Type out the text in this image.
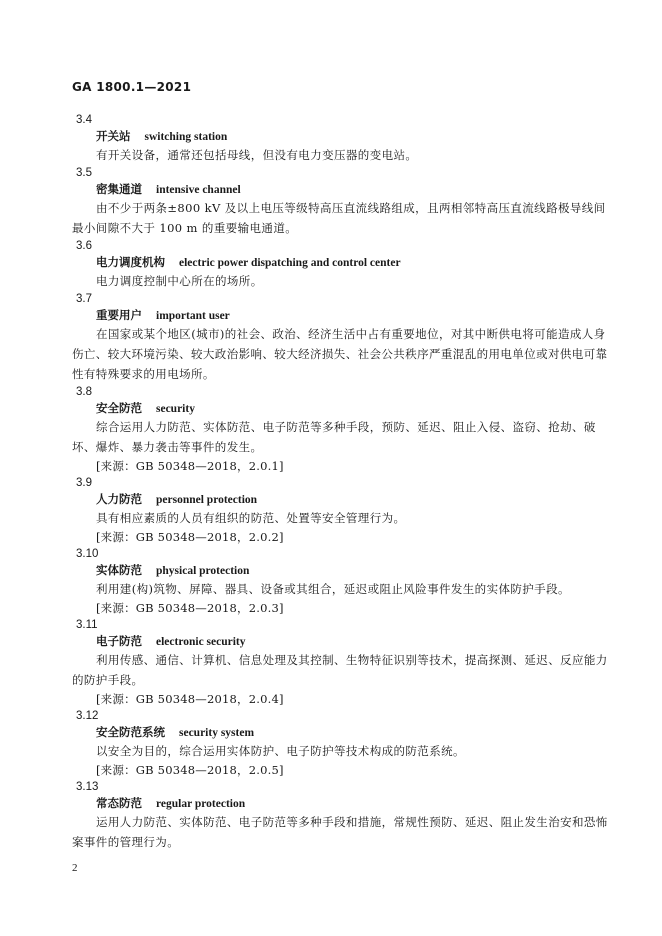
GA 1800.1—2021
3.4
开关站 switching station
有开关设备，通常还包括母线，但没有电力变压器的变电站。
3.5
密集通道 intensive channel
由不少于两条±800 kV 及以上电压等级特高压直流线路组成，且两相邻特高压直流线路极导线间最小间隙不大于 100 m 的重要输电通道。
3.6
电力调度机构 electric power dispatching and control center
电力调度控制中心所在的场所。
3.7
重要用户 important user
在国家或某个地区(城市)的社会、政治、经济生活中占有重要地位，对其中断供电将可能造成人身伤亡、较大环境污染、较大政治影响、较大经济损失、社会公共秩序严重混乱的用电单位或对供电可靠性有特殊要求的用电场所。
3.8
安全防范 security
综合运用人力防范、实体防范、电子防范等多种手段，预防、延迟、阻止入侵、盗窃、抢劫、破坏、爆炸、暴力袭击等事件的发生。
[来源：GB 50348—2018，2.0.1]
3.9
人力防范 personnel protection
具有相应素质的人员有组织的防范、处置等安全管理行为。
[来源：GB 50348—2018，2.0.2]
3.10
实体防范 physical protection
利用建(构)筑物、屏障、器具、设备或其组合，延迟或阻止风险事件发生的实体防护手段。
[来源：GB 50348—2018，2.0.3]
3.11
电子防范 electronic security
利用传感、通信、计算机、信息处理及其控制、生物特征识别等技术，提高探测、延迟、反应能力的防护手段。
[来源：GB 50348—2018，2.0.4]
3.12
安全防范系统 security system
以安全为目的，综合运用实体防护、电子防护等技术构成的防范系统。
[来源：GB 50348—2018，2.0.5]
3.13
常态防范 regular protection
运用人力防范、实体防范、电子防范等多种手段和措施，常规性预防、延迟、阻止发生治安和恐怖案事件的管理行为。
2
